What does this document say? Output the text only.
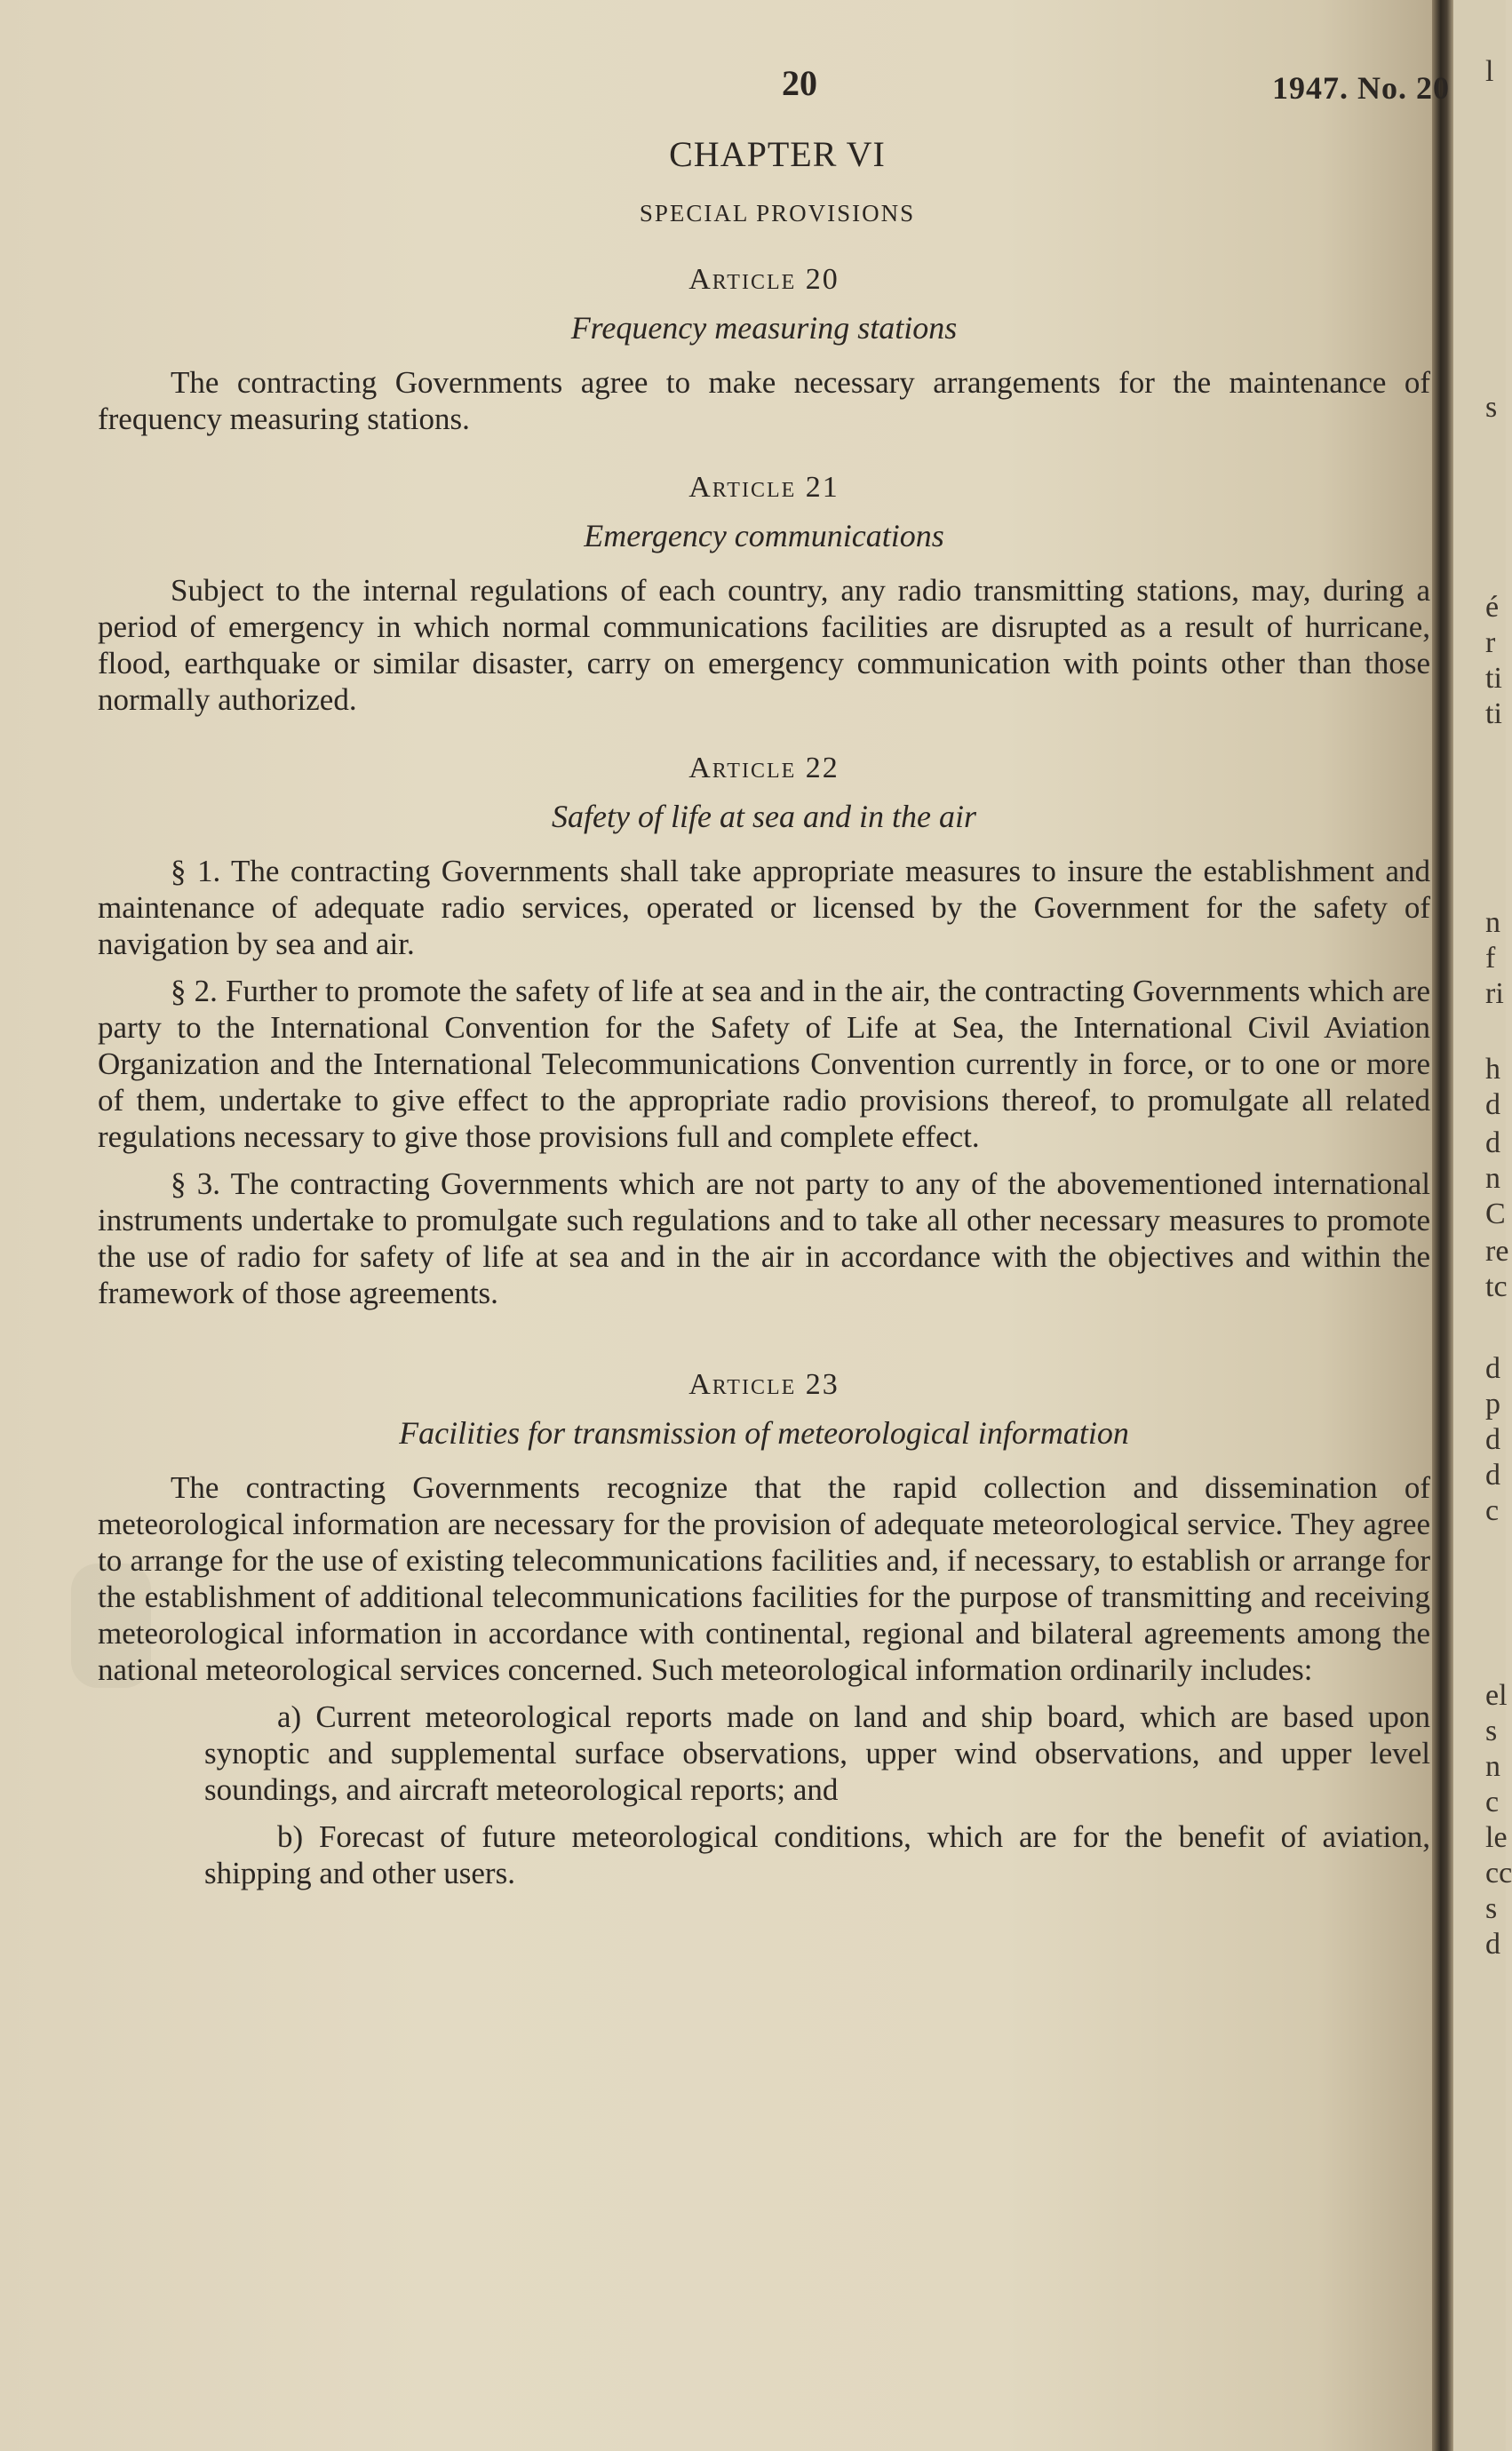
20	1947. No. 20 l
s
é
r
ti
ti
n
f
ri
h
d
d
n
C
re
tc
d
p
d
d
c
el
s
n
c
le
cc
s
d
CHAPTER VI
SPECIAL PROVISIONS
Article 20
Frequency measuring stations

The contracting Governments agree to make necessary arrangements for the maintenance of frequency measuring stations.

Article 21
Emergency communications

Subject to the internal regulations of each country, any radio transmitting stations, may, during a period of emergency in which normal communications facilities are disrupted as a result of hurricane, flood, earthquake or similar disaster, carry on emergency communication with points other than those normally authorized.

Article 22
Safety of life at sea and in the air

§ 1. The contracting Governments shall take appropriate measures to insure the establishment and maintenance of adequate radio services, operated or licensed by the Government for the safety of navigation by sea and air.

§ 2. Further to promote the safety of life at sea and in the air, the contracting Governments which are party to the International Convention for the Safety of Life at Sea, the International Civil Aviation Organization and the International Telecommunications Convention currently in force, or to one or more of them, undertake to give effect to the appropriate radio provisions thereof, to promulgate all related regulations necessary to give those provisions full and complete effect.

§ 3. The contracting Governments which are not party to any of the abovementioned international instruments undertake to promulgate such regulations and to take all other necessary measures to promote the use of radio for safety of life at sea and in the air in accordance with the objectives and within the framework of those agreements.

Article 23
Facilities for transmission of meteorological information

The contracting Governments recognize that the rapid collection and dissemination of meteorological information are necessary for the provision of adequate meteorological service. They agree to arrange for the use of existing telecommunications facilities and, if necessary, to establish or arrange for the establishment of additional telecommunications facilities for the purpose of transmitting and receiving meteorological information in accordance with continental, regional and bilateral agreements among the national meteorological services concerned. Such meteorological information ordinarily includes:

a) Current meteorological reports made on land and ship board, which are based upon synoptic and supplemental surface observations, upper wind observations, and upper level soundings, and aircraft meteorological reports; and

b) Forecast of future meteorological conditions, which are for the benefit of aviation, shipping and other users.
